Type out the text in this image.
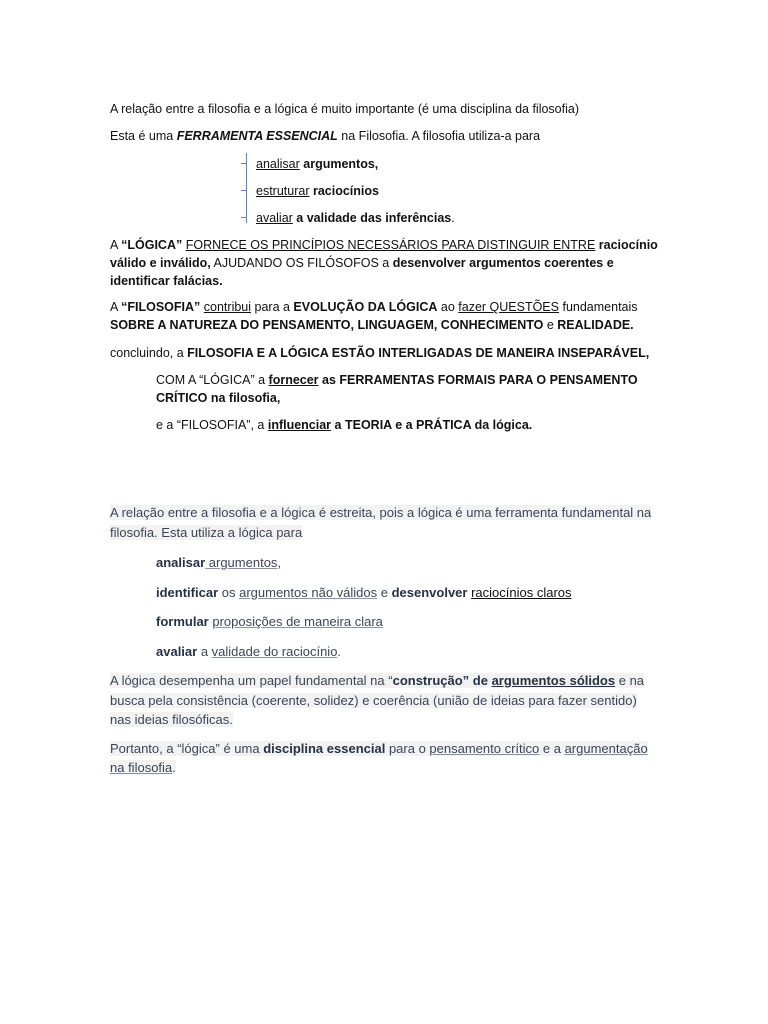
A relação entre a filosofia e a lógica é muito importante (é uma disciplina da filosofia)

Esta é uma FERRAMENTA ESSENCIAL na Filosofia. A filosofia utiliza-a para

analisar argumentos,

estruturar raciocínios

avaliar a validade das inferências.

A “LÓGICA” FORNECE OS PRINCÍPIOS NECESSÁRIOS PARA DISTINGUIR ENTRE raciocínio válido e inválido, AJUDANDO OS FILÓSOFOS a desenvolver argumentos coerentes e identificar falácias.

A “FILOSOFIA” contribui para a EVOLUÇÃO DA LÓGICA ao fazer QUESTÕES fundamentais SOBRE A NATUREZA DO PENSAMENTO, LINGUAGEM, CONHECIMENTO e REALIDADE.

concluindo, a FILOSOFIA E A LÓGICA ESTÃO INTERLIGADAS DE MANEIRA INSEPARÁVEL,

COM A “LÓGICA” a fornecer as FERRAMENTAS FORMAIS PARA O PENSAMENTO CRÍTICO na filosofia,

e a “FILOSOFIA”, a influenciar a TEORIA e a PRÁTICA da lógica.

A relação entre a filosofia e a lógica é estreita, pois a lógica é uma ferramenta fundamental na filosofia. Esta utiliza a lógica para

analisar argumentos,

identificar os argumentos não válidos e desenvolver raciocínios claros

formular proposições de maneira clara

avaliar a validade do raciocínio.

A lógica desempenha um papel fundamental na “construção” de argumentos sólidos e na busca pela consistência (coerente, solidez) e coerência (união de ideias para fazer sentido) nas ideias filosóficas.

Portanto, a “lógica” é uma disciplina essencial para o pensamento crítico e a argumentação na filosofia.
